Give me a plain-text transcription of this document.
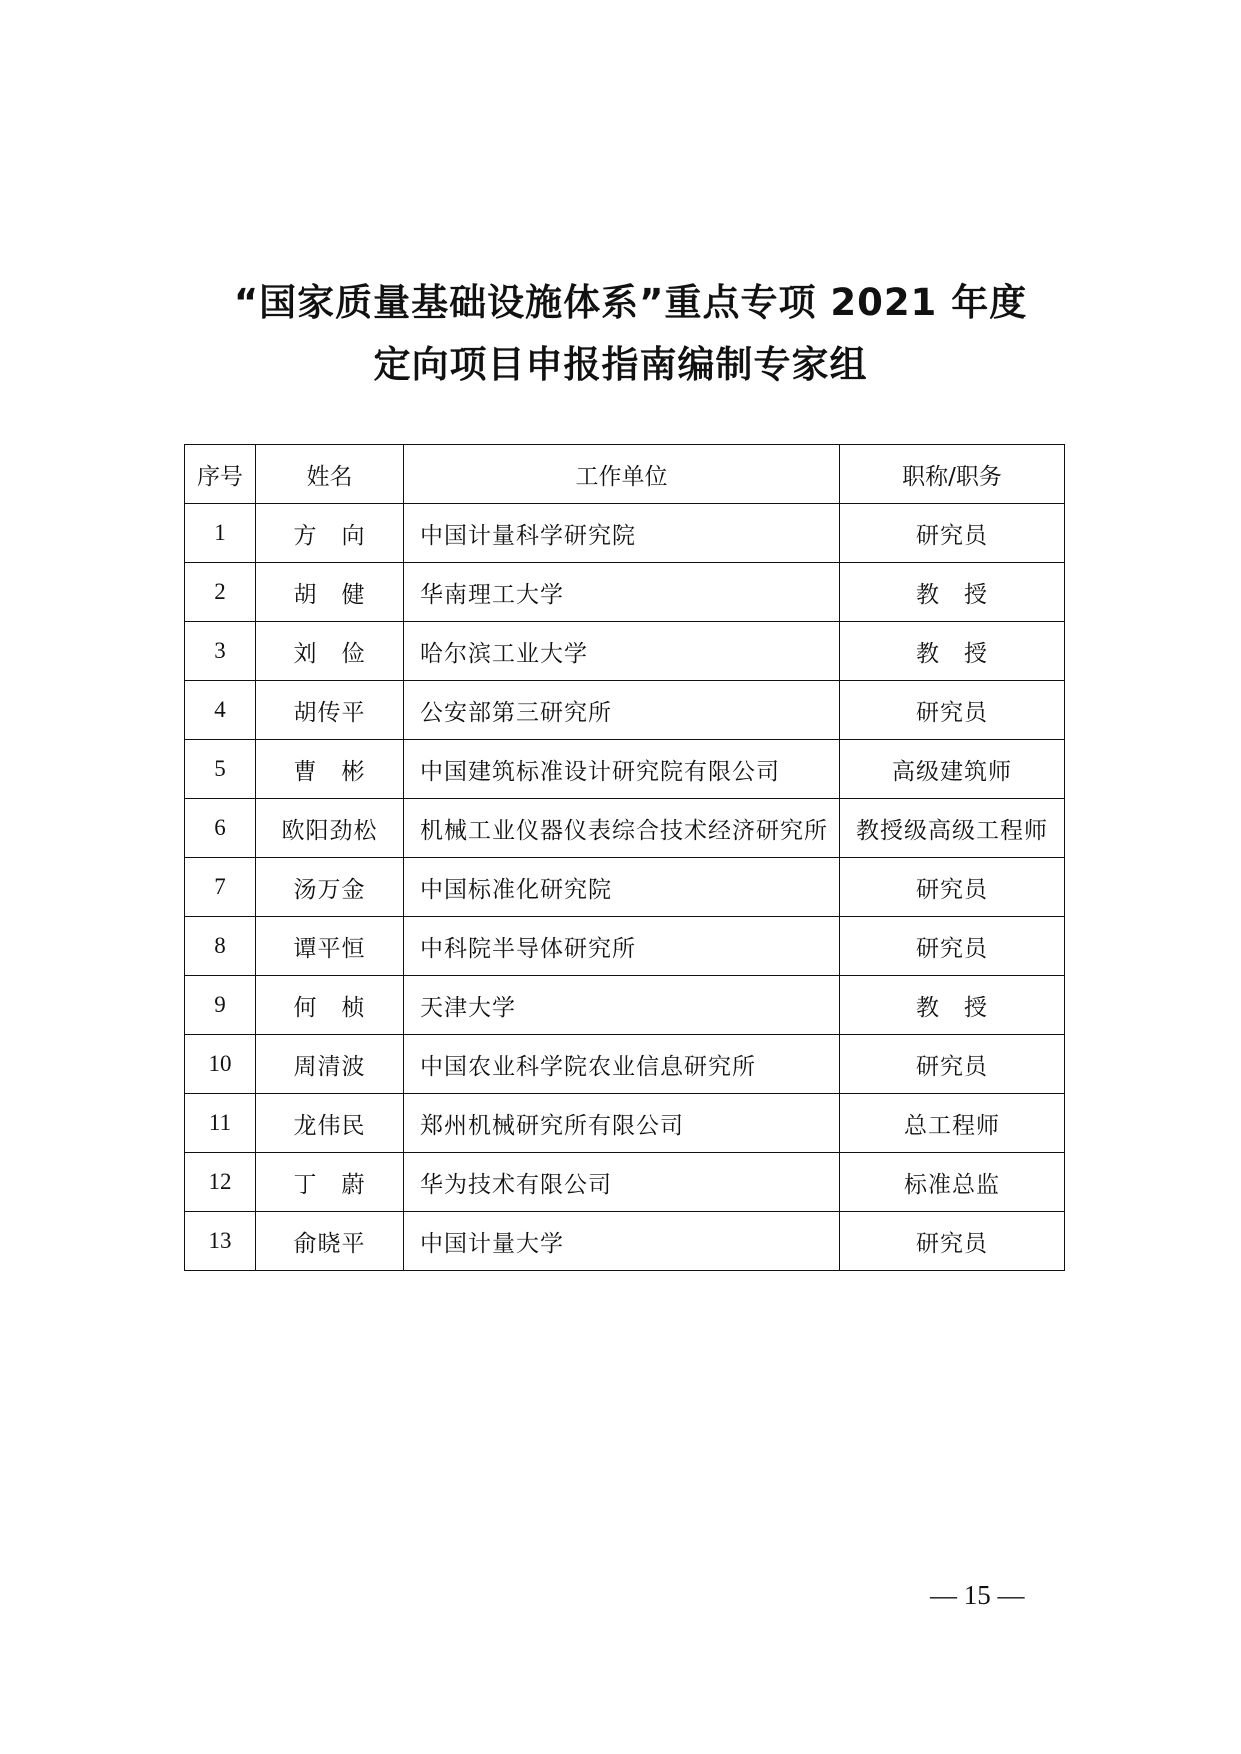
“国家质量基础设施体系”重点专项 2021 年度
定向项目申报指南编制专家组
序号	姓名	工作单位	职称/职务
1	方　向	中国计量科学研究院	研究员
2	胡　健	华南理工大学	教　授
3	刘　俭	哈尔滨工业大学	教　授
4	胡传平	公安部第三研究所	研究员
5	曹　彬	中国建筑标准设计研究院有限公司	高级建筑师
6	欧阳劲松	机械工业仪器仪表综合技术经济研究所	教授级高级工程师
7	汤万金	中国标准化研究院	研究员
8	谭平恒	中科院半导体研究所	研究员
9	何　桢	天津大学	教　授
10	周清波	中国农业科学院农业信息研究所	研究员
11	龙伟民	郑州机械研究所有限公司	总工程师
12	丁　蔚	华为技术有限公司	标准总监
13	俞晓平	中国计量大学	研究员
— 15 —
